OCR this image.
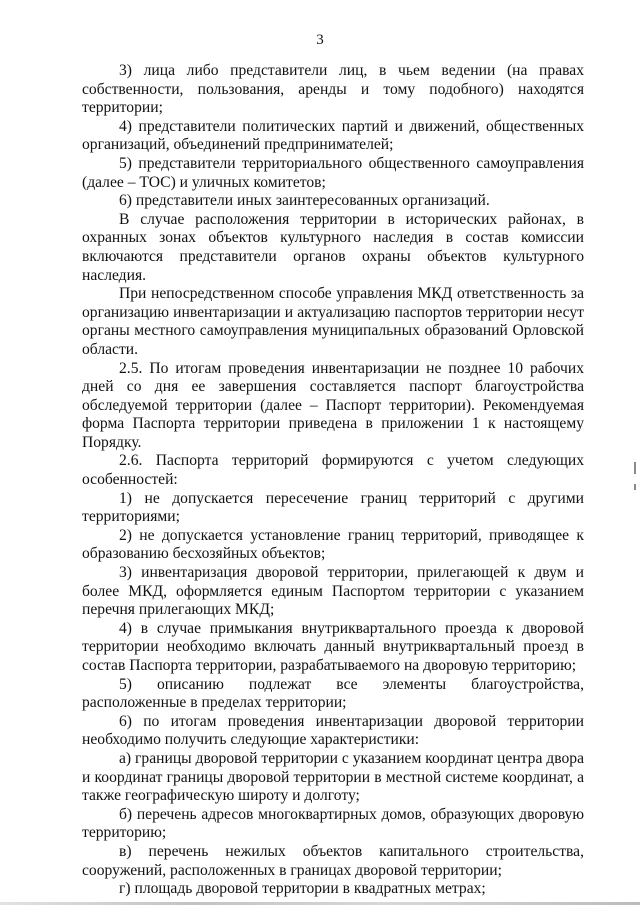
3

3) лица либо представители лиц, в чьем ведении (на правах собственности, пользования, аренды и тому подобного) находятся территории;

4) представители политических партий и движений, общественных организаций, объединений предпринимателей;

5) представители территориального общественного самоуправления (далее – ТОС) и уличных комитетов;

6) представители иных заинтересованных организаций.

В случае расположения территории в исторических районах, в охранных зонах объектов культурного наследия в состав комиссии включаются представители органов охраны объектов культурного наследия.

При непосредственном способе управления МКД ответственность за организацию инвентаризации и актуализацию паспортов территории несут органы местного самоуправления муниципальных образований Орловской области.

2.5. По итогам проведения инвентаризации не позднее 10 рабочих дней со дня ее завершения составляется паспорт благоустройства обследуемой территории (далее – Паспорт территории). Рекомендуемая форма Паспорта территории приведена в приложении 1 к настоящему Порядку.

2.6. Паспорта территорий формируются с учетом следующих особенностей:

1) не допускается пересечение границ территорий с другими территориями;

2) не допускается установление границ территорий, приводящее к образованию бесхозяйных объектов;

3) инвентаризация дворовой территории, прилегающей к двум и более МКД, оформляется единым Паспортом территории с указанием перечня прилегающих МКД;

4) в случае примыкания внутриквартального проезда к дворовой территории необходимо включать данный внутриквартальный проезд в состав Паспорта территории, разрабатываемого на дворовую территорию;

5) описанию подлежат все элементы благоустройства, расположенные в пределах территории;

6) по итогам проведения инвентаризации дворовой территории необходимо получить следующие характеристики:

а) границы дворовой территории с указанием координат центра двора и координат границы дворовой территории в местной системе координат, а также географическую широту и долготу;

б) перечень адресов многоквартирных домов, образующих дворовую территорию;

в) перечень нежилых объектов капитального строительства, сооружений, расположенных в границах дворовой территории;

г) площадь дворовой территории в квадратных метрах;
